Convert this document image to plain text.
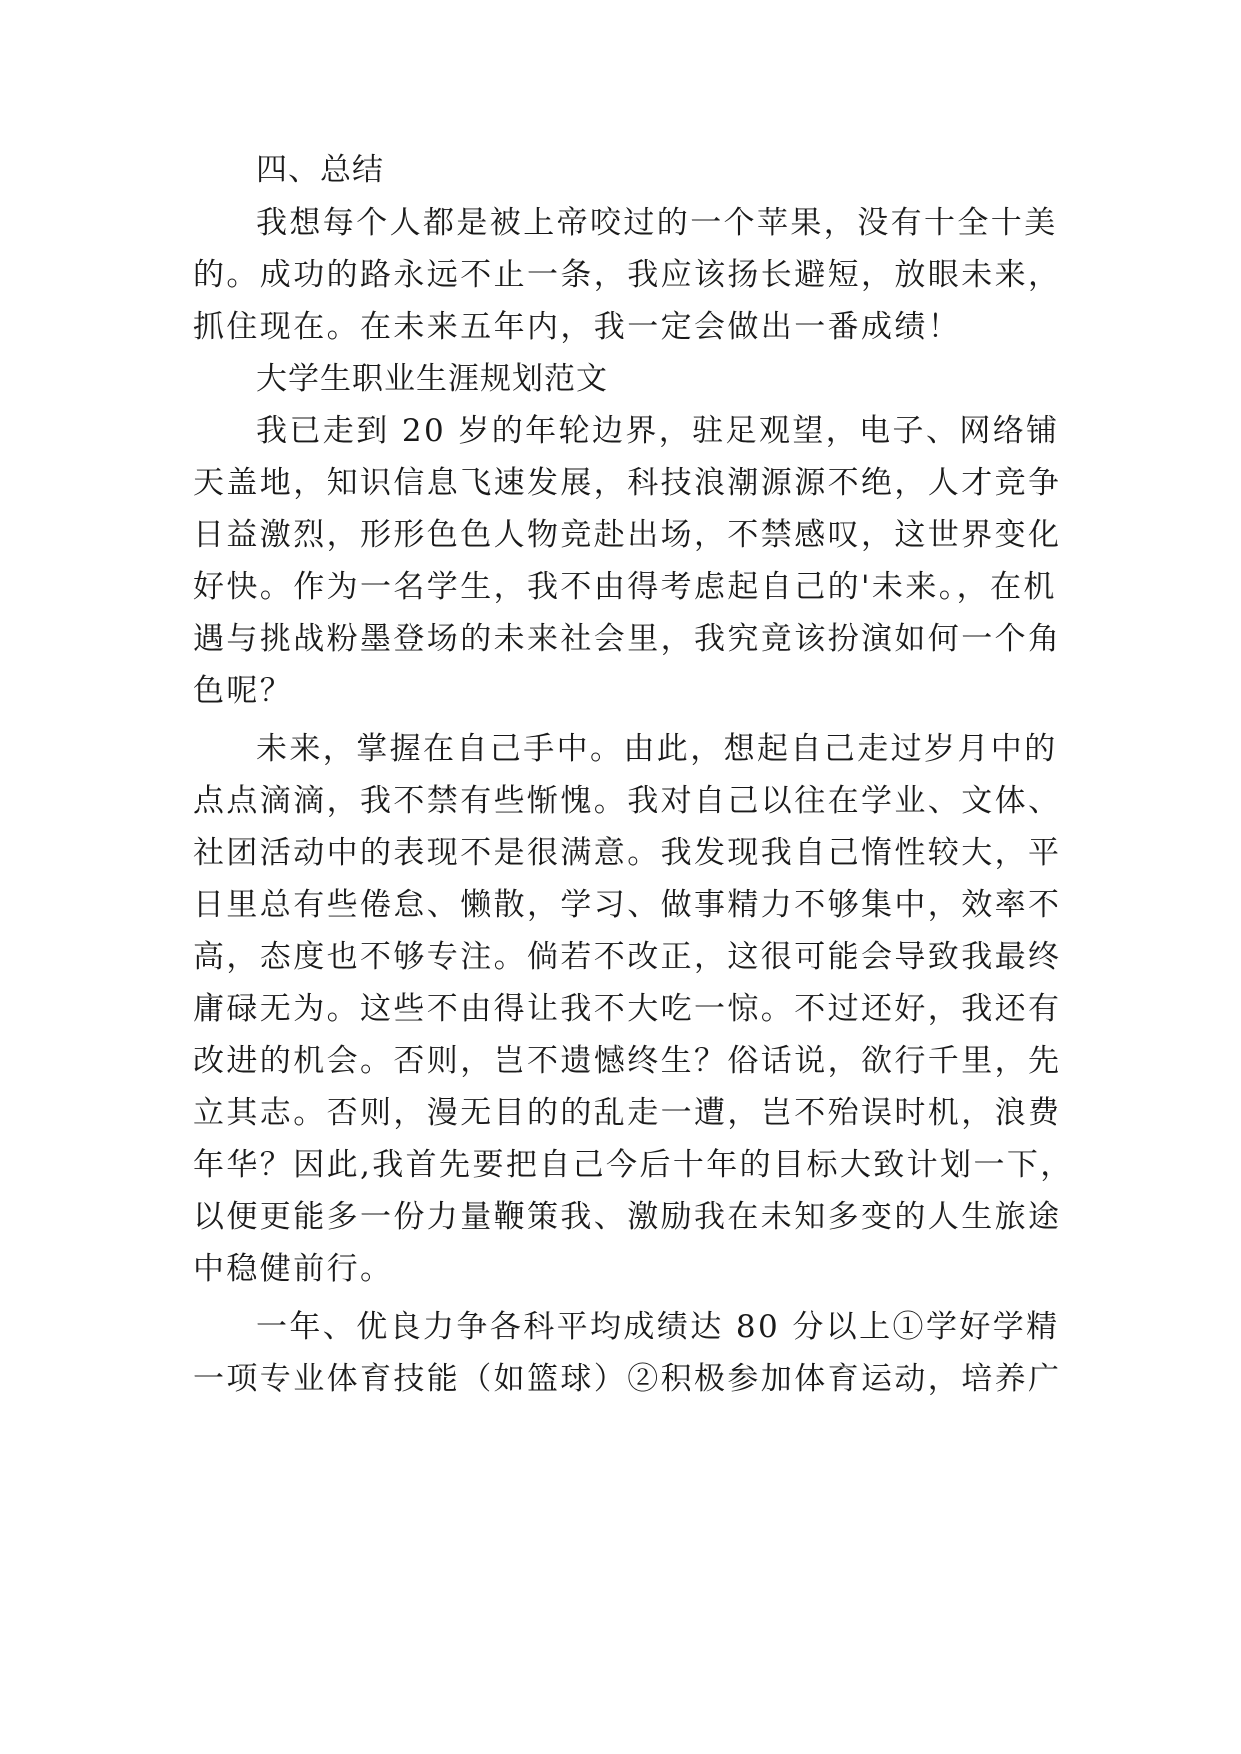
四、总结

我想每个人都是被上帝咬过的一个苹果，没有十全十美

的。成功的路永远不止一条，我应该扬长避短，放眼未来，

抓住现在。在未来五年内，我一定会做出一番成绩！

大学生职业生涯规划范文

我已走到 20 岁的年轮边界，驻足观望，电子、网络铺

天盖地，知识信息飞速发展，科技浪潮源源不绝，人才竞争

日益激烈，形形色色人物竞赴出场，不禁感叹，这世界变化

好快。作为一名学生，我不由得考虑起自己的'未来。，在机

遇与挑战粉墨登场的未来社会里，我究竟该扮演如何一个角

色呢？

未来，掌握在自己手中。由此，想起自己走过岁月中的

点点滴滴，我不禁有些惭愧。我对自己以往在学业、文体、

社团活动中的表现不是很满意。我发现我自己惰性较大，平

日里总有些倦怠、懒散，学习、做事精力不够集中，效率不

高，态度也不够专注。倘若不改正，这很可能会导致我最终

庸碌无为。这些不由得让我不大吃一惊。不过还好，我还有

改进的机会。否则，岂不遗憾终生？俗话说，欲行千里，先

立其志。否则，漫无目的的乱走一遭，岂不殆误时机，浪费

年华？因此,我首先要把自己今后十年的目标大致计划一下，

以便更能多一份力量鞭策我、激励我在未知多变的人生旅途

中稳健前行。

一年、优良力争各科平均成绩达 80 分以上①学好学精

一项专业体育技能（如篮球）②积极参加体育运动，培养广
